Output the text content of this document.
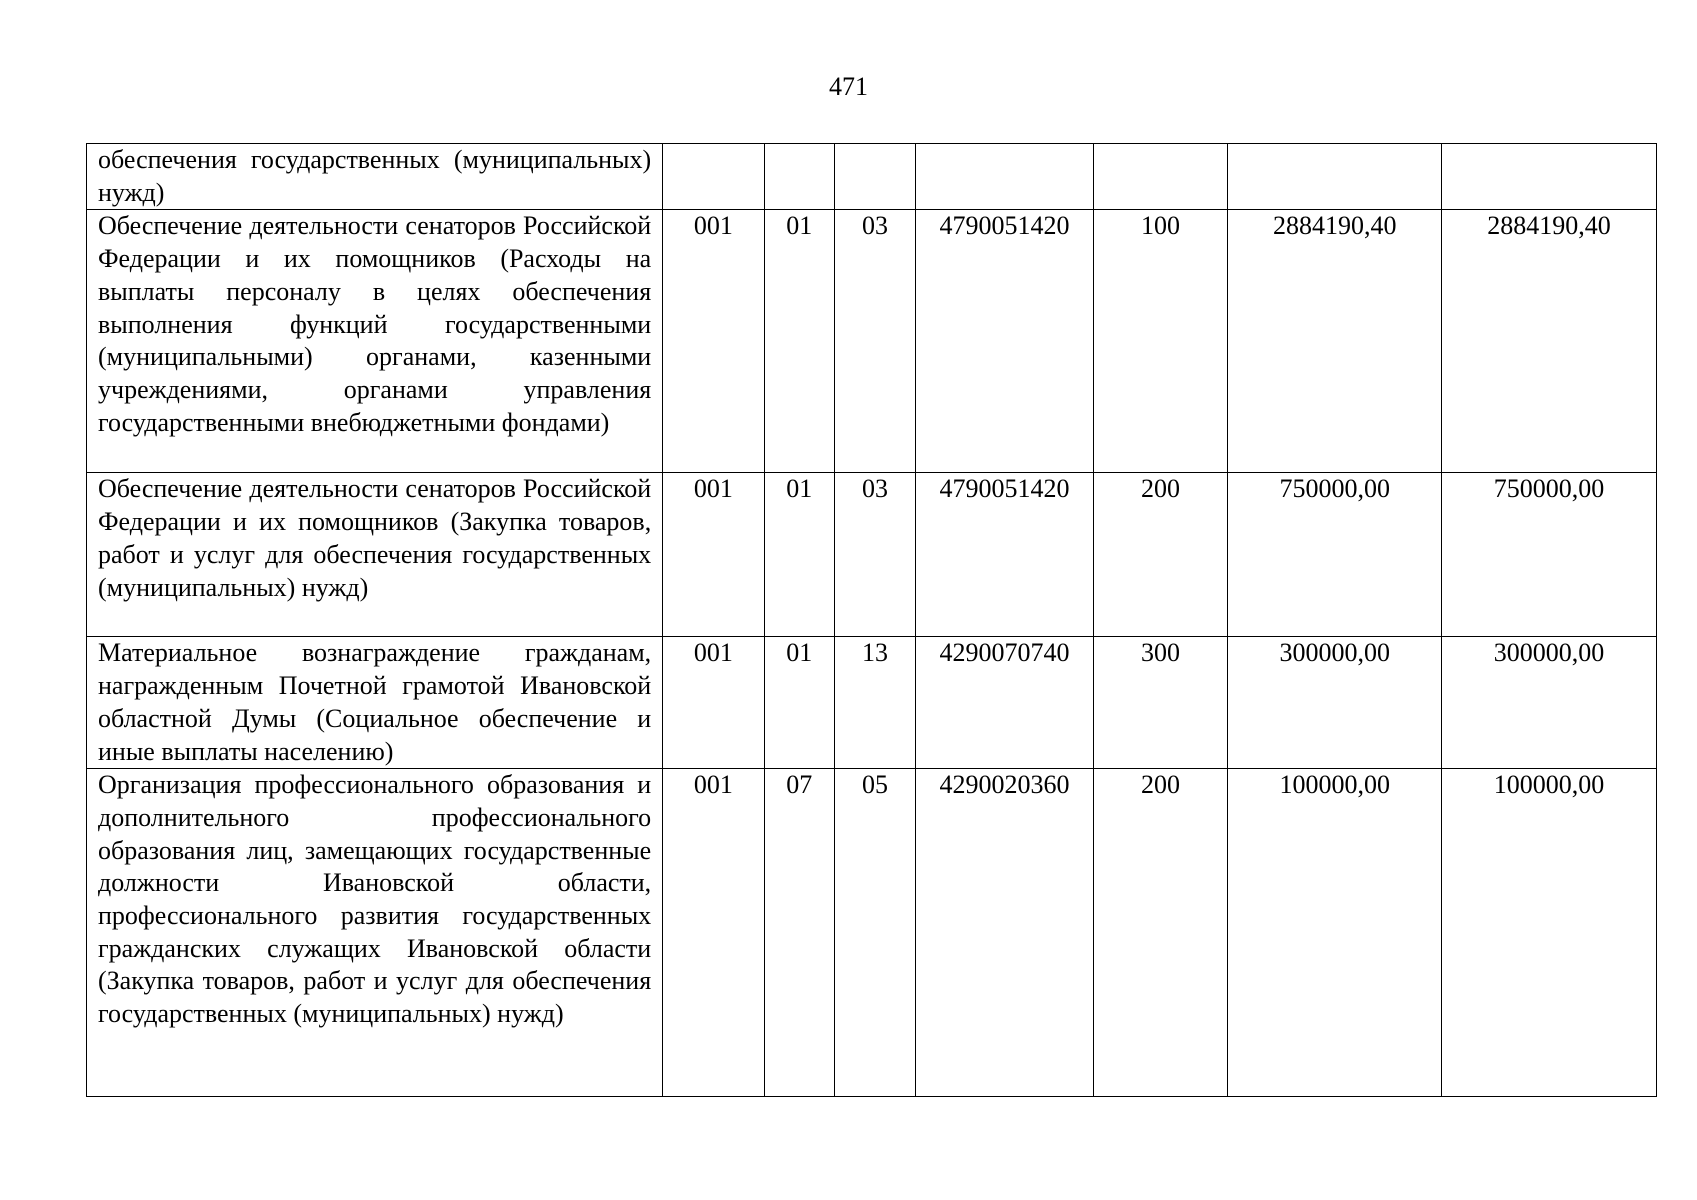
471
обеспечения государственных (муниципальных) нужд)							
Обеспечение деятельности сенаторов Российской Федерации и их помощников (Расходы на выплаты персоналу в целях обеспечения выполнения функций государственными (муниципальными) органами, казенными учреждениями, органами управления государственными внебюджетными фондами)	001	01	03	4790051420	100	2884190,40	2884190,40
Обеспечение деятельности сенаторов Российской Федерации и их помощников (Закупка товаров, работ и услуг для обеспечения государственных (муниципальных) нужд)	001	01	03	4790051420	200	750000,00	750000,00
Материальное вознаграждение гражданам, награжденным Почетной грамотой Ивановской областной Думы (Социальное обеспечение и иные выплаты населению)	001	01	13	4290070740	300	300000,00	300000,00
Организация профессионального образования и дополнительного профессионального образования лиц, замещающих государственные должности Ивановской области, профессионального развития государственных гражданских служащих Ивановской области (Закупка товаров, работ и услуг для обеспечения государственных (муниципальных) нужд)	001	07	05	4290020360	200	100000,00	100000,00
